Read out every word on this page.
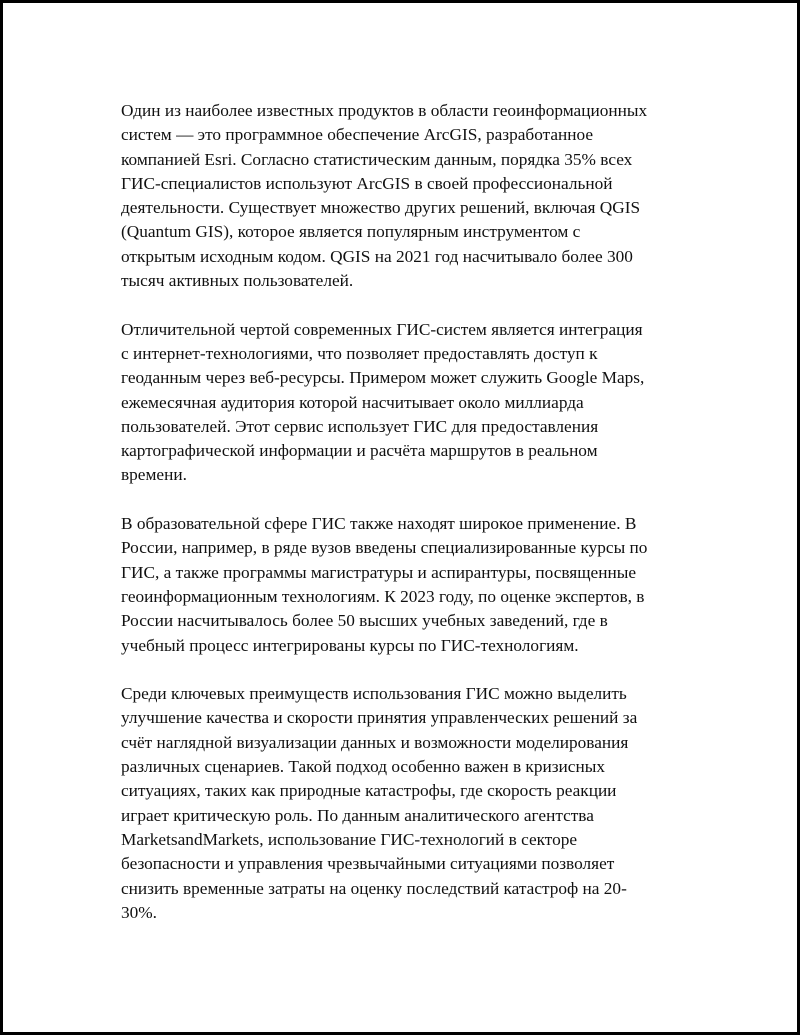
Один из наиболее известных продуктов в области геоинформационных
систем — это программное обеспечение ArcGIS, разработанное
компанией Esri. Согласно статистическим данным, порядка 35% всех
ГИС-специалистов используют ArcGIS в своей профессиональной
деятельности. Существует множество других решений, включая QGIS
(Quantum GIS), которое является популярным инструментом с
открытым исходным кодом. QGIS на 2021 год насчитывало более 300
тысяч активных пользователей.

Отличительной чертой современных ГИС-систем является интеграция
с интернет-технологиями, что позволяет предоставлять доступ к
геоданным через веб-ресурсы. Примером может служить Google Maps,
ежемесячная аудитория которой насчитывает около миллиарда
пользователей. Этот сервис использует ГИС для предоставления
картографической информации и расчёта маршрутов в реальном
времени.

В образовательной сфере ГИС также находят широкое применение. В
России, например, в ряде вузов введены специализированные курсы по
ГИС, а также программы магистратуры и аспирантуры, посвященные
геоинформационным технологиям. К 2023 году, по оценке экспертов, в
России насчитывалось более 50 высших учебных заведений, где в
учебный процесс интегрированы курсы по ГИС-технологиям.

Среди ключевых преимуществ использования ГИС можно выделить
улучшение качества и скорости принятия управленческих решений за
счёт наглядной визуализации данных и возможности моделирования
различных сценариев. Такой подход особенно важен в кризисных
ситуациях, таких как природные катастрофы, где скорость реакции
играет критическую роль. По данным аналитического агентства
MarketsandMarkets, использование ГИС-технологий в секторе
безопасности и управления чрезвычайными ситуациями позволяет
снизить временные затраты на оценку последствий катастроф на 20-
30%.
